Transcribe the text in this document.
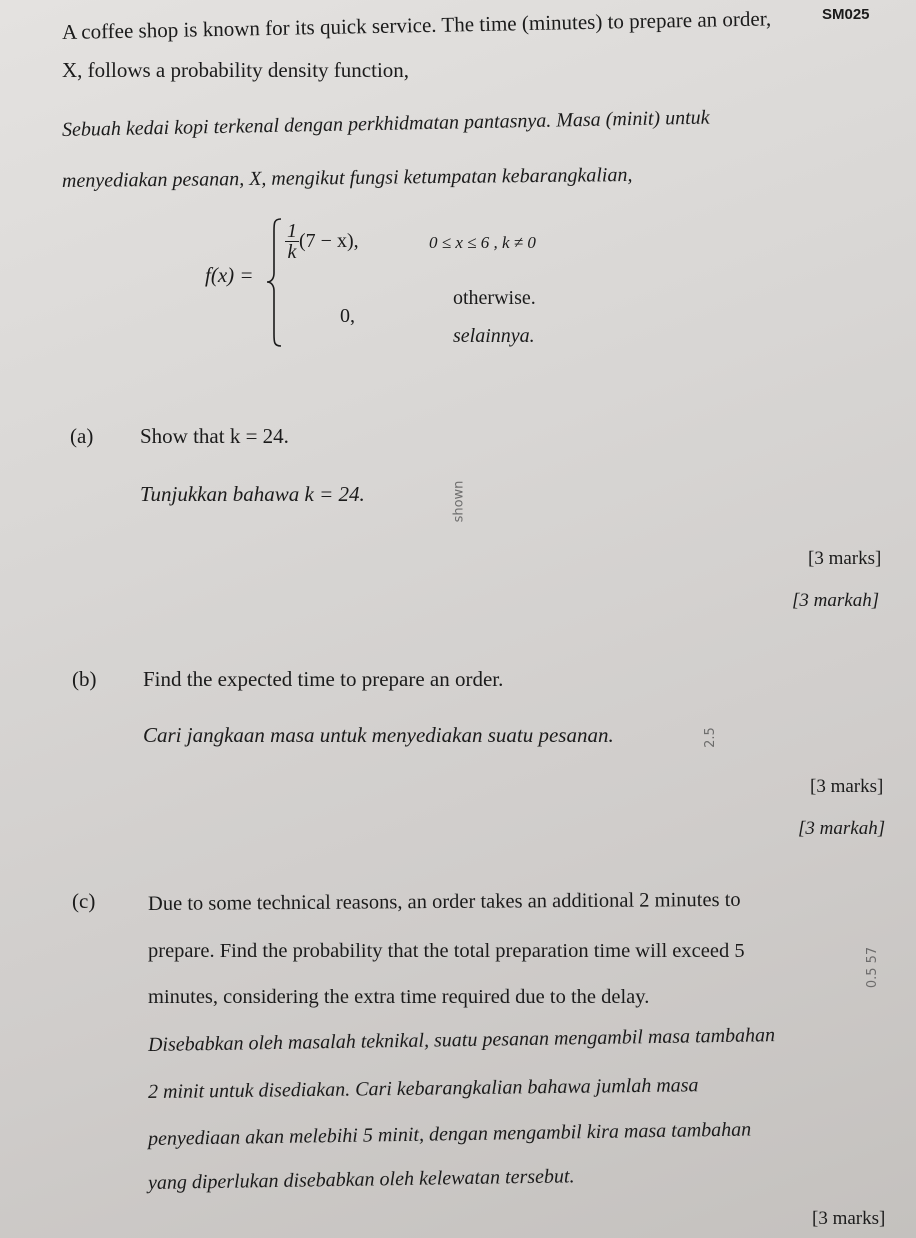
SM025
A coffee shop is known for its quick service. The time (minutes) to prepare an order,
X, follows a probability density function,
Sebuah kedai kopi terkenal dengan perkhidmatan pantasnya. Masa (minit) untuk
menyediakan pesanan, X, mengikut fungsi ketumpatan kebarangkalian,
f(x) =
$\frac{1}{k} (7 - x)$,	0 ≤ x ≤ 6 , k ≠ 0
0,
otherwise.
selainnya.
(a) Show that k = 24.
Tunjukkan bahawa k = 24.	shown
[3 marks]
[3 markah]
(b) Find the expected time to prepare an order.
Cari jangkaan masa untuk menyediakan suatu pesanan.	2.5
[3 marks]
[3 markah]
(c)	Due to some technical reasons, an order takes an additional 2 minutes to
prepare. Find the probability that the total preparation time will exceed 5
minutes, considering the extra time required due to the delay.
0.5 57
Disebabkan oleh masalah teknikal, suatu pesanan mengambil masa tambahan
2 minit untuk disediakan. Cari kebarangkalian bahawa jumlah masa
penyediaan akan melebihi 5 minit, dengan mengambil kira masa tambahan
yang diperlukan disebabkan oleh kelewatan tersebut.
[3 marks]
